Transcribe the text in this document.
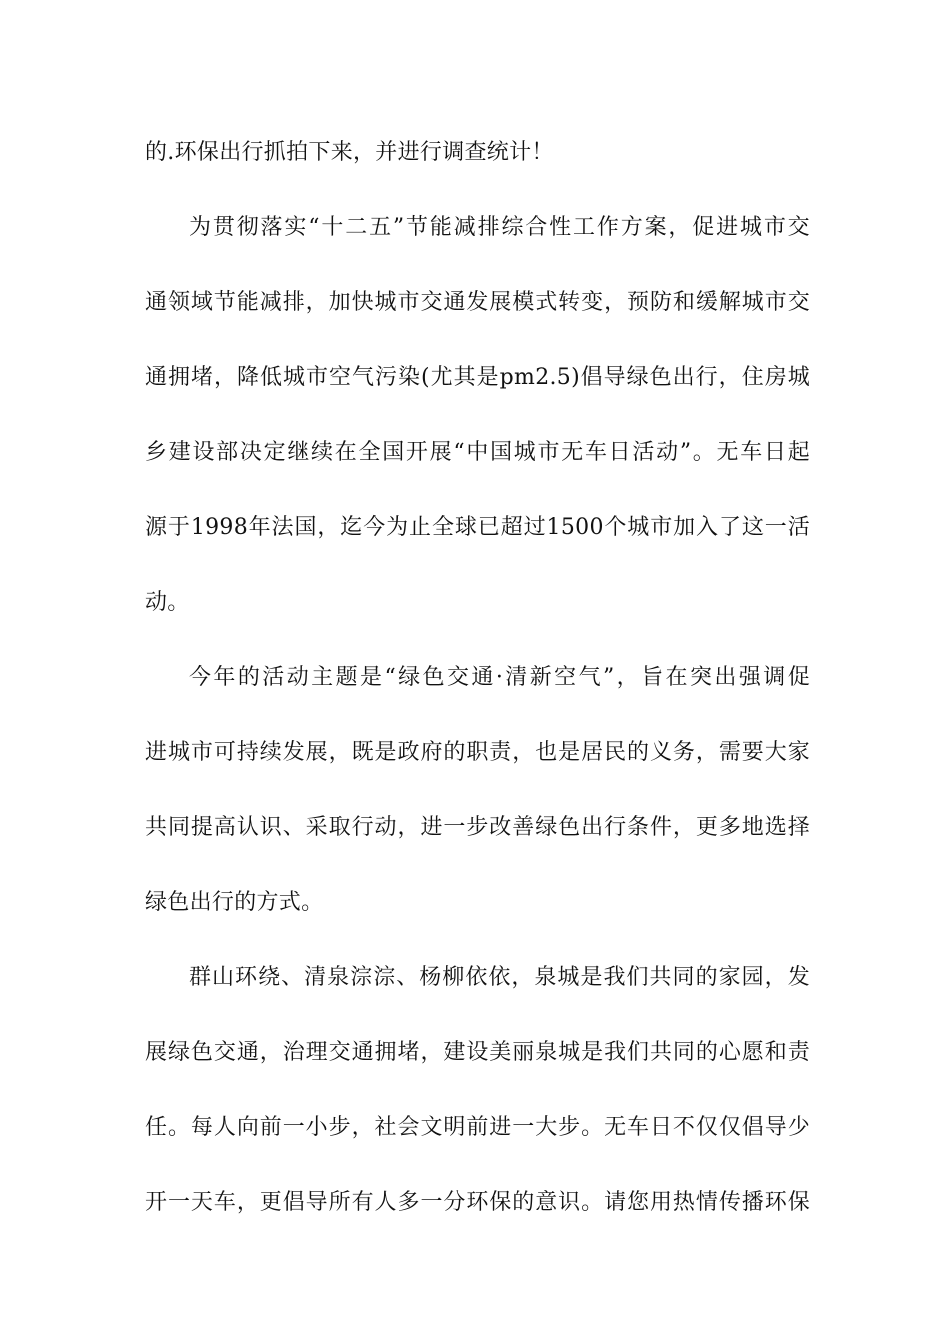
的.环保出行抓拍下来，并进行调查统计！
为贯彻落实“十二五”节能减排综合性工作方案，促进城市交
通领域节能减排，加快城市交通发展模式转变，预防和缓解城市交
通拥堵，降低城市空气污染(尤其是pm2.5)倡导绿色出行，住房城
乡建设部决定继续在全国开展“中国城市无车日活动”。无车日起
源于1998年法国，迄今为止全球已超过1500个城市加入了这一活
动。
今年的活动主题是“绿色交通·清新空气”，旨在突出强调促
进城市可持续发展，既是政府的职责，也是居民的义务，需要大家
共同提高认识、采取行动，进一步改善绿色出行条件，更多地选择
绿色出行的方式。
群山环绕、清泉淙淙、杨柳依依，泉城是我们共同的家园，发
展绿色交通，治理交通拥堵，建设美丽泉城是我们共同的心愿和责
任。每人向前一小步，社会文明前进一大步。无车日不仅仅倡导少
开一天车，更倡导所有人多一分环保的意识。请您用热情传播环保
